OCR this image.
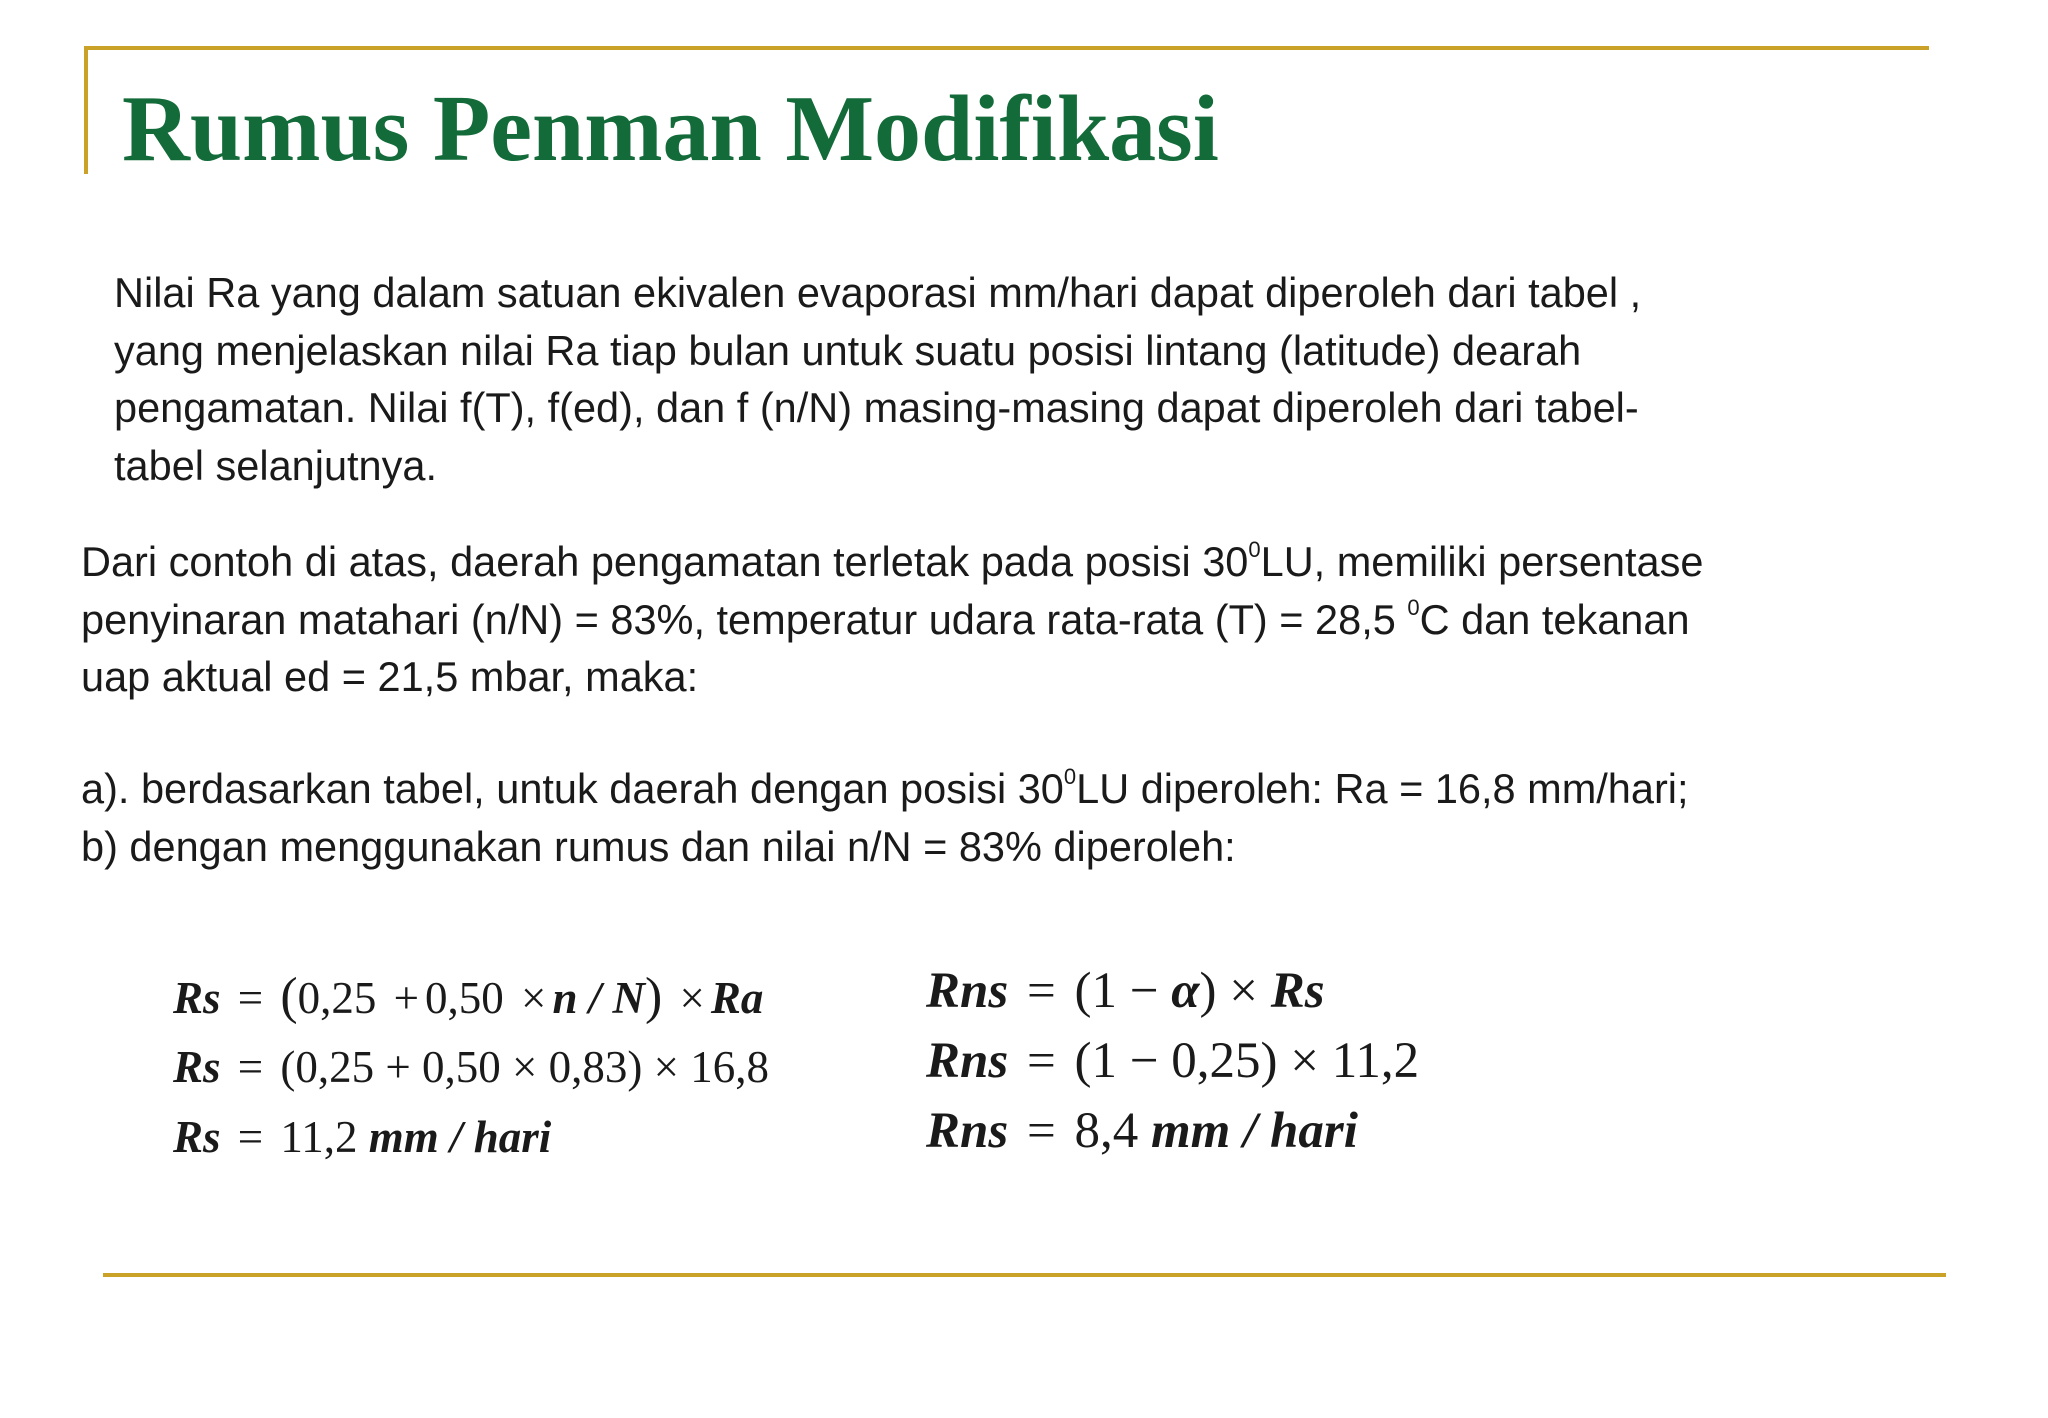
Rumus Penman Modifikasi
Nilai Ra yang dalam satuan ekivalen evaporasi mm/hari dapat diperoleh dari tabel ,
yang menjelaskan nilai Ra tiap bulan untuk suatu posisi lintang (latitude) dearah
pengamatan. Nilai f(T), f(ed), dan f (n/N) masing-masing dapat diperoleh dari tabel-
tabel selanjutnya.
Dari contoh di atas, daerah pengamatan terletak pada posisi $30^0LU$, memiliki persentase
penyinaran matahari (n/N) = 83%, temperatur udara rata-rata (T) = 28,5 $^0$C dan tekanan
uap aktual ed = 21,5 mbar, maka:
a). berdasarkan tabel, untuk daerah dengan posisi $30^0LU$ diperoleh: Ra = 16,8 mm/hari;
b) dengan menggunakan rumus dan nilai n/N = 83% diperoleh:
Rs = (0,25 + 0,50 × n / N) × Ra
Rs = (0,25 + 0,50 × 0,83) × 16,8
Rs = 11,2 mm / hari
Rns = (1 − α) × Rs
Rns = (1 − 0,25) × 11,2
Rns = 8,4 mm / hari
